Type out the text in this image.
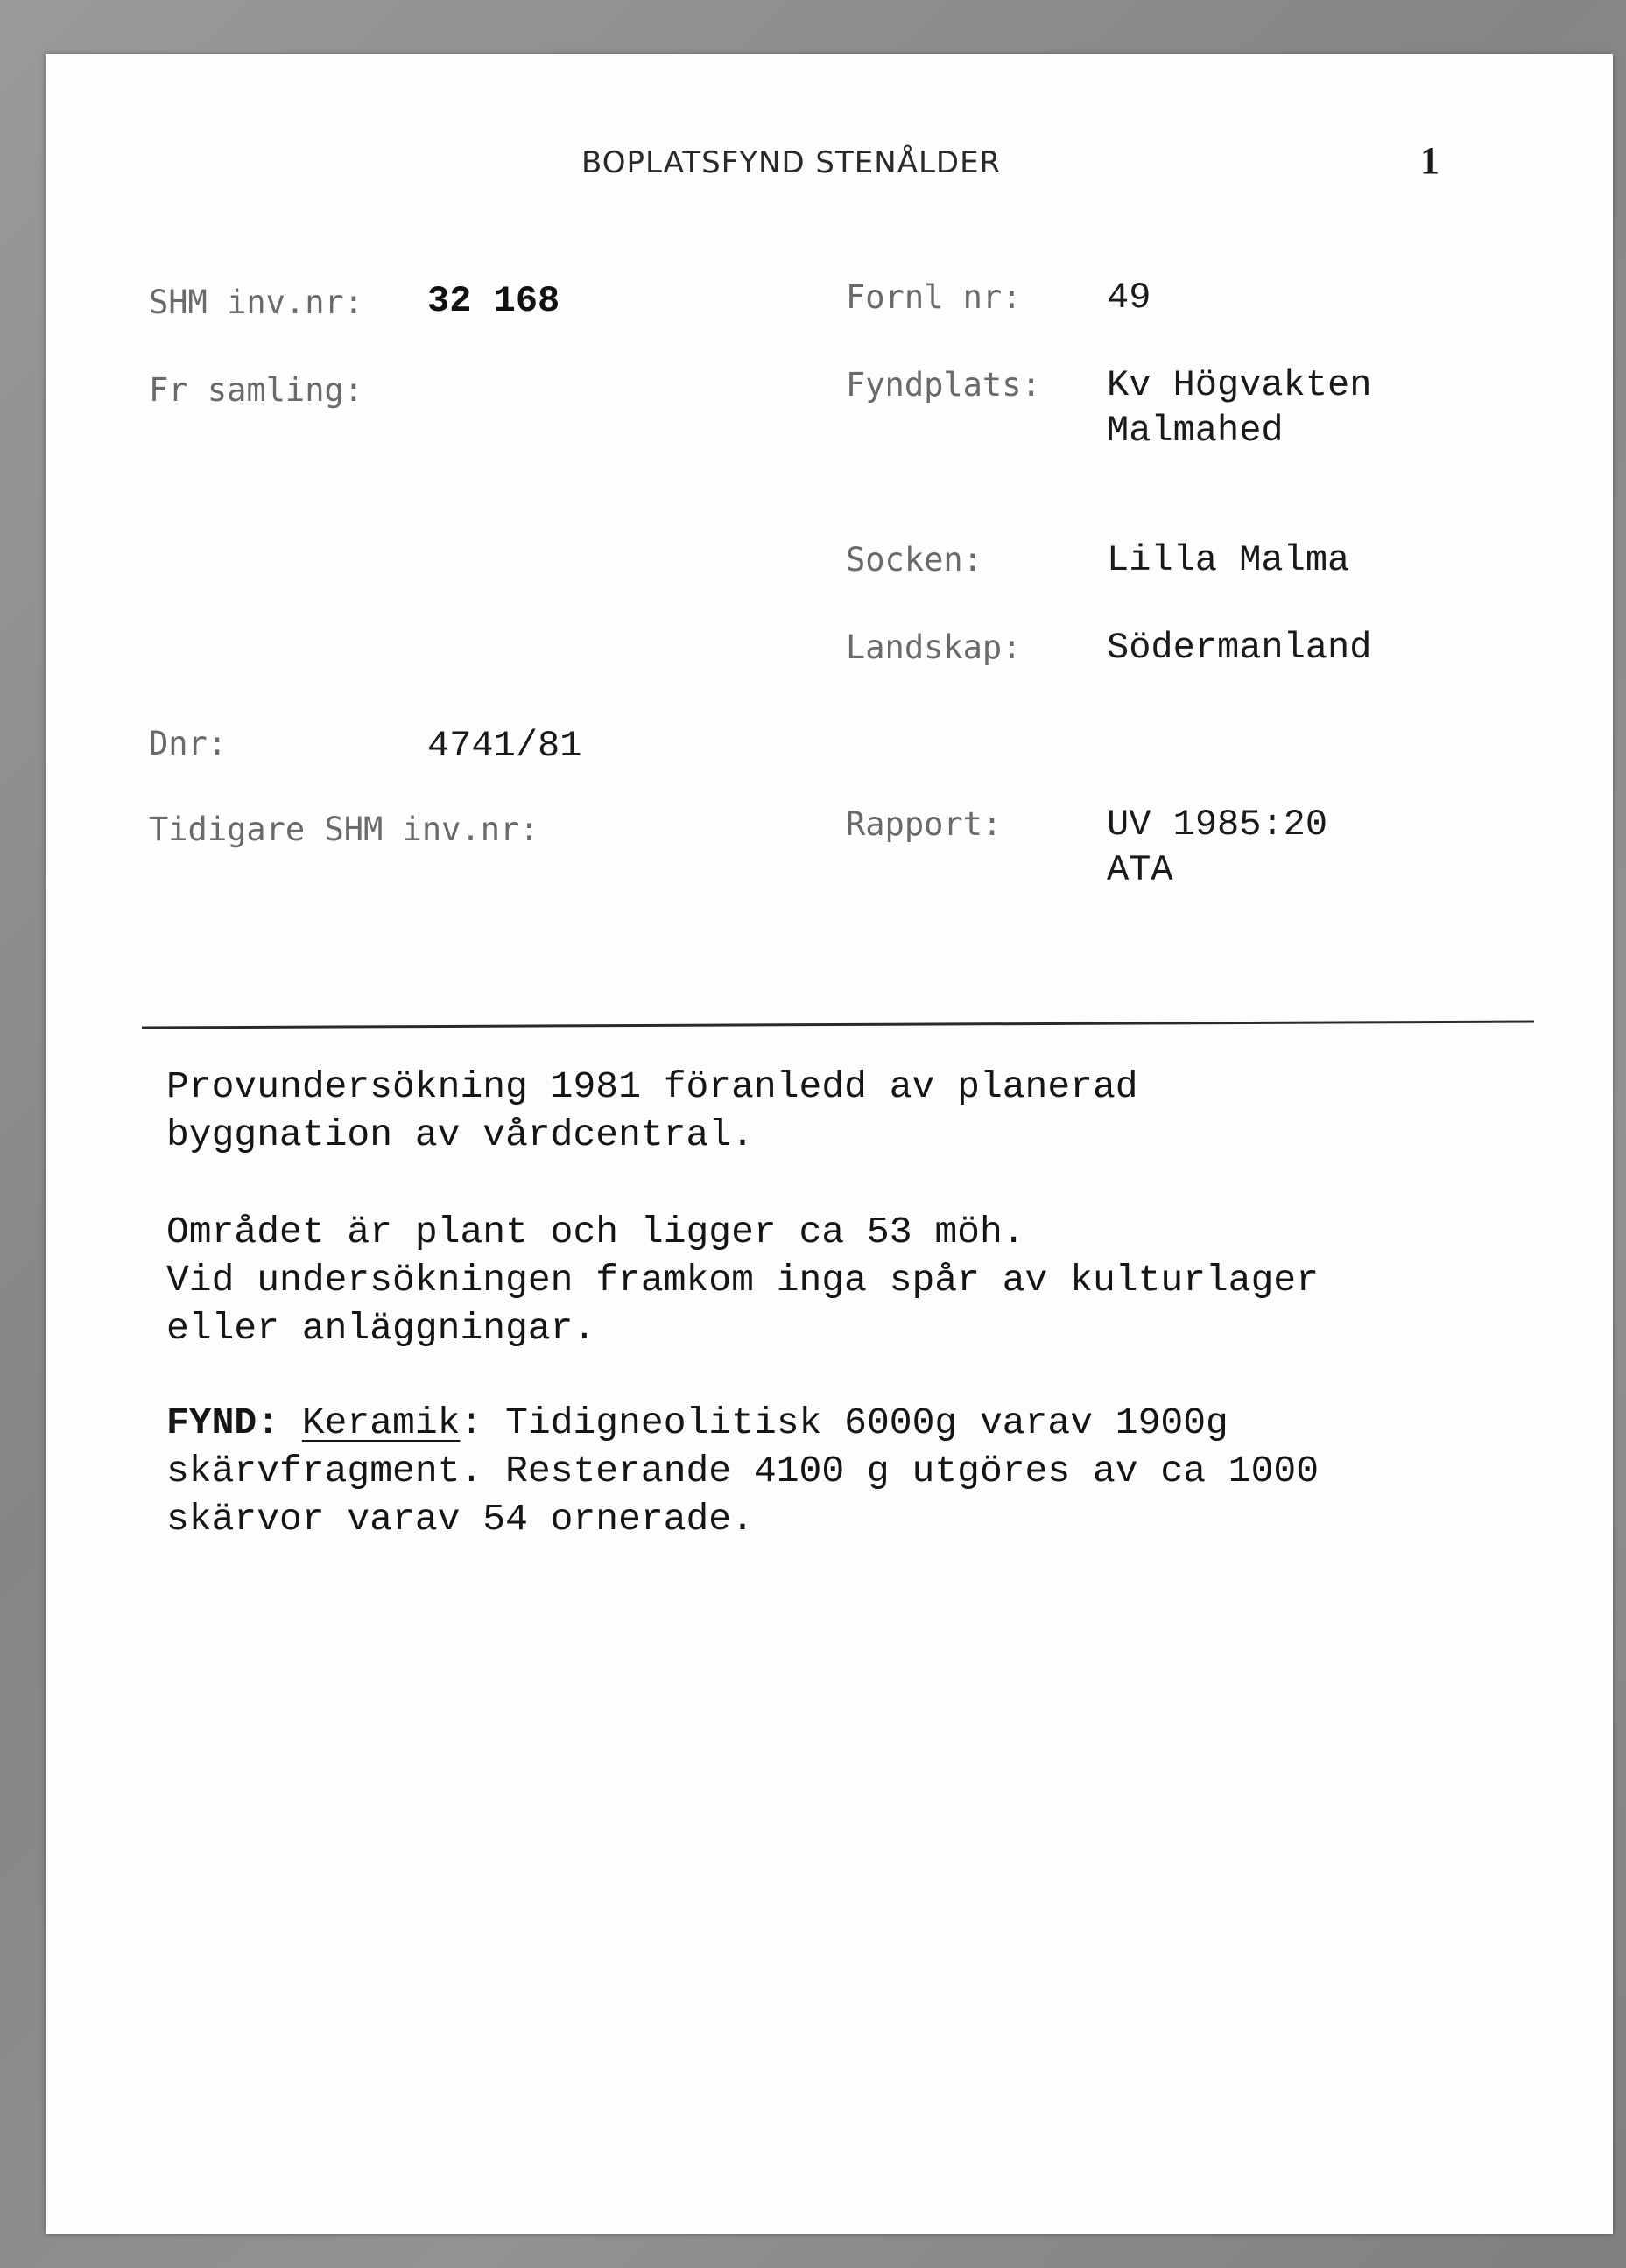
BOPLATSFYND STENÅLDER	1
SHM inv.nr: 32 168
Fr samling:
Dnr:	4741/81
Tidigare SHM inv.nr:
Fornl nr: 49
Fyndplats: Kv Högvakten
Malmahed
Socken:	Lilla Malma
Landskap: Södermanland
Rapport:	UV 1985:20
ATA
Provundersökning 1981 föranledd av planerad
byggnation av vårdcentral.
Området är plant och ligger ca 53 möh.
Vid undersökningen framkom inga spår av kulturlager
eller anläggningar.
FYND: Keramik: Tidigneolitisk 6000g varav 1900g
skärvfragment. Resterande 4100 g utgöres av ca 1000
skärvor varav 54 ornerade.
